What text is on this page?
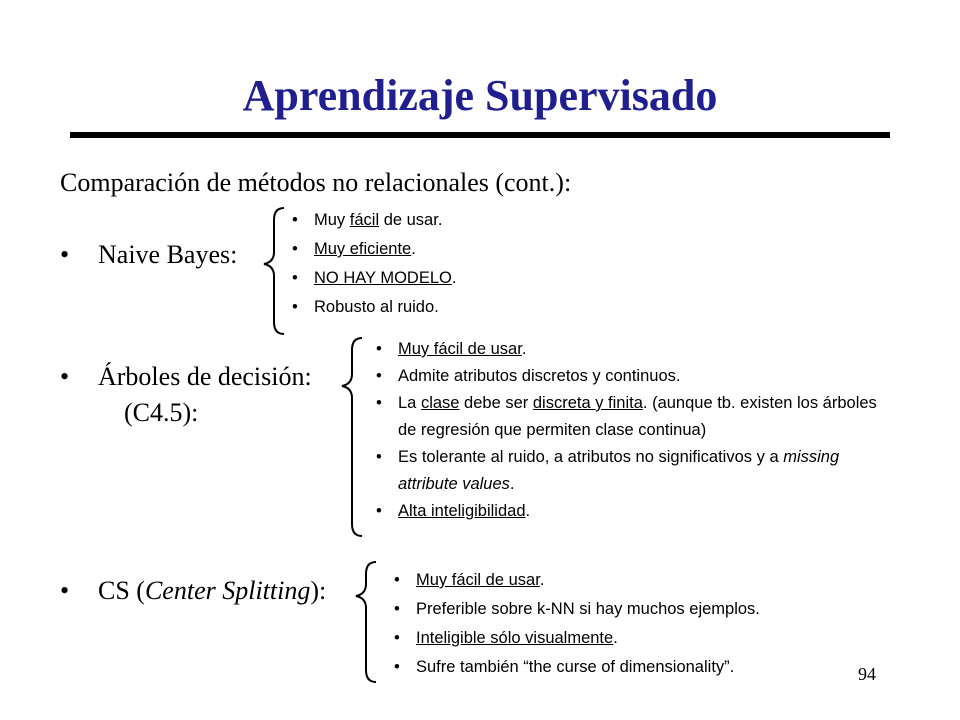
Aprendizaje Supervisado

Comparación de métodos no relacionales (cont.):

• Naive Bayes:

• Muy fácil de usar.
• Muy eficiente.
• NO HAY MODELO.
• Robusto al ruido.

• Árboles de decisión:

(C4.5):

• Muy fácil de usar.
• Admite atributos discretos y continuos.
• La clase debe ser discreta y finita. (aunque tb. existen los árboles de regresión que permiten clase continua)
• Es tolerante al ruido, a atributos no significativos y a missing attribute values.
• Alta inteligibilidad.

• CS (Center Splitting):

•	Muy fácil de usar.
• Preferible sobre k-NN si hay muchos ejemplos.
• Inteligible sólo visualmente.
• Sufre también “the curse of dimensionality”.	94
